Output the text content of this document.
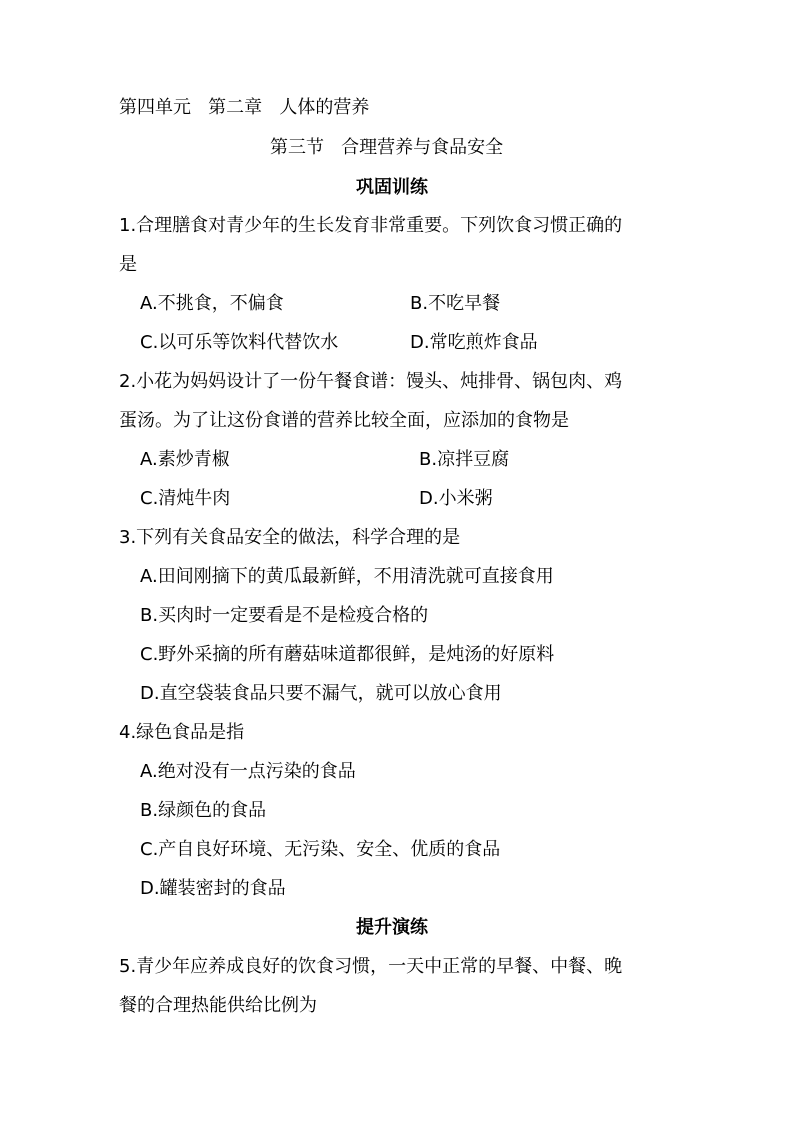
第四单元 第二章 人体的营养
第三节 合理营养与食品安全
巩固训练
1.合理膳食对青少年的生长发育非常重要。下列饮食习惯正确的
是
A.不挑食，不偏食	B.不吃早餐
C.以可乐等饮料代替饮水	D.常吃煎炸食品
2.小花为妈妈设计了一份午餐食谱：馒头、炖排骨、锅包肉、鸡
蛋汤。为了让这份食谱的营养比较全面，应添加的食物是
A.素炒青椒	B.凉拌豆腐
C.清炖牛肉	D.小米粥
3.下列有关食品安全的做法，科学合理的是
A.田间刚摘下的黄瓜最新鲜，不用清洗就可直接食用
B.买肉时一定要看是不是检疫合格的
C.野外采摘的所有蘑菇味道都很鲜，是炖汤的好原料
D.直空袋装食品只要不漏气，就可以放心食用
4.绿色食品是指
A.绝对没有一点污染的食品
B.绿颜色的食品
C.产自良好环境、无污染、安全、优质的食品
D.罐装密封的食品
提升演练
5.青少年应养成良好的饮食习惯，一天中正常的早餐、中餐、晚
餐的合理热能供给比例为
